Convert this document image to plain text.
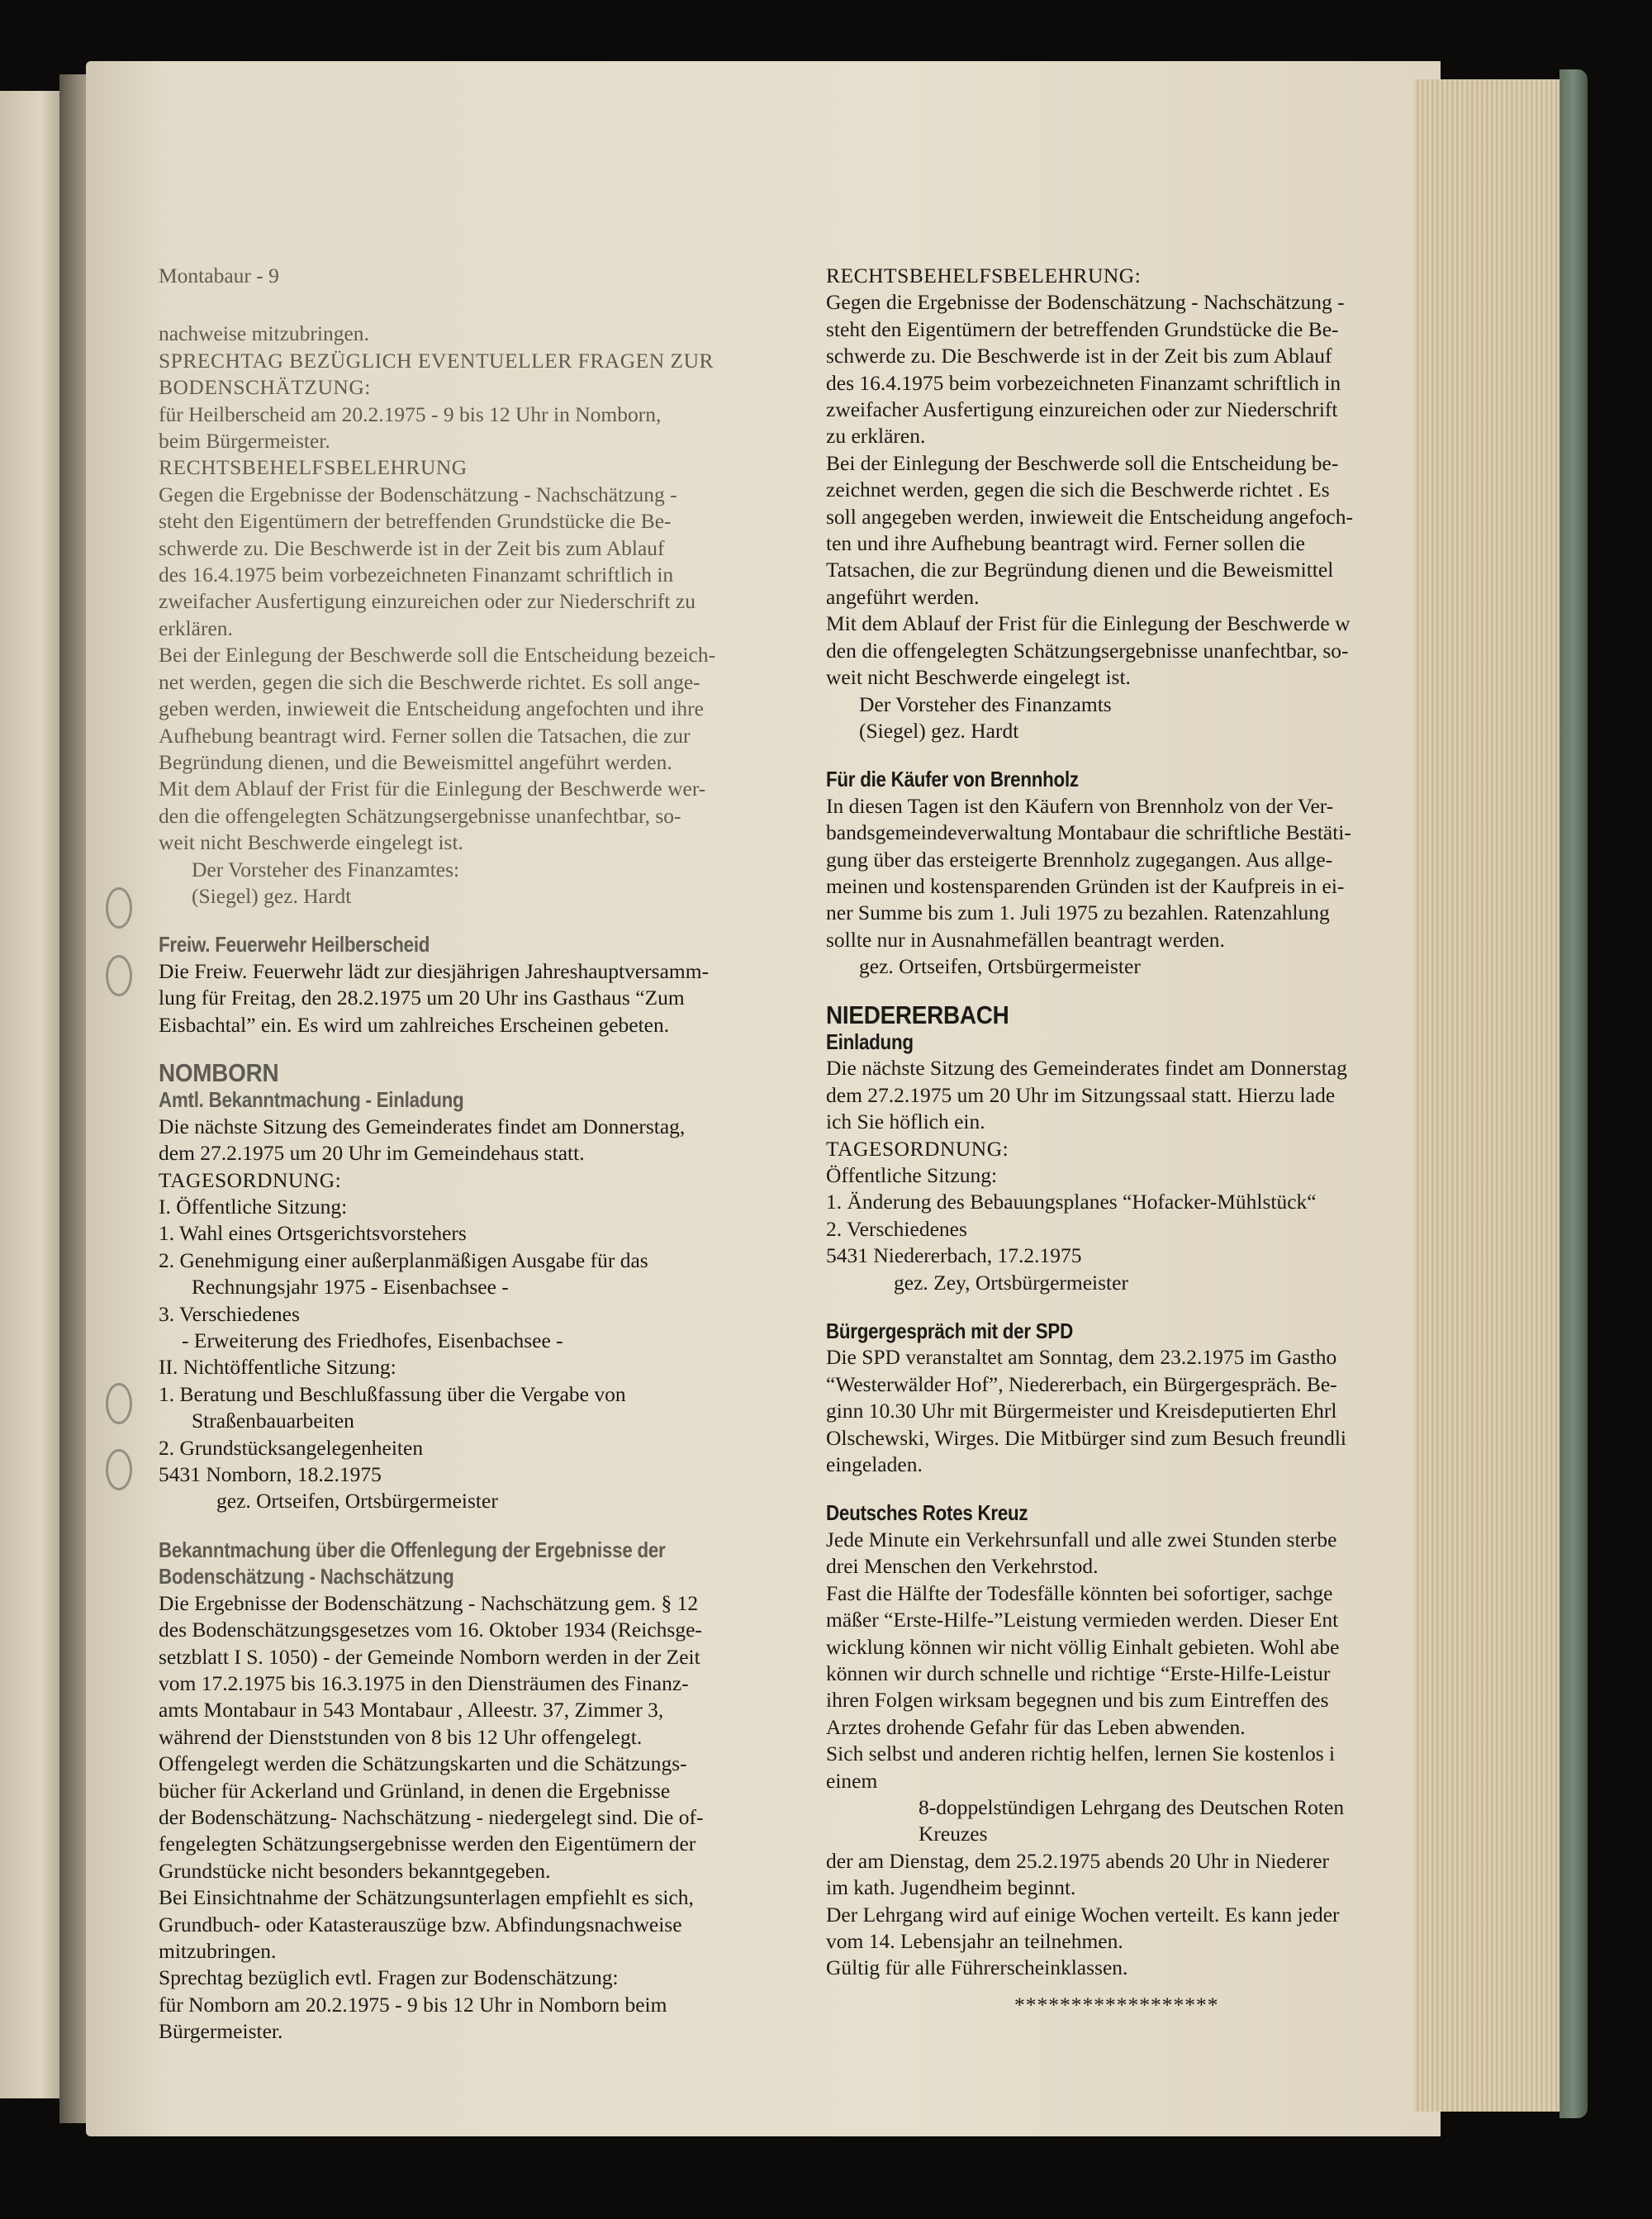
Montabaur - 9
nachweise mitzubringen.
SPRECHTAG BEZÜGLICH EVENTUELLER FRAGEN ZUR
BODENSCHÄTZUNG:
für Heilberscheid am 20.2.1975 - 9 bis 12 Uhr in Nomborn,
beim Bürgermeister.
RECHTSBEHELFSBELEHRUNG
Gegen die Ergebnisse der Bodenschätzung - Nachschätzung -
steht den Eigentümern der betreffenden Grundstücke die Be-
schwerde zu. Die Beschwerde ist in der Zeit bis zum Ablauf
des 16.4.1975 beim vorbezeichneten Finanzamt schriftlich in
zweifacher Ausfertigung einzureichen oder zur Niederschrift zu
erklären.
Bei der Einlegung der Beschwerde soll die Entscheidung bezeich-
net werden, gegen die sich die Beschwerde richtet. Es soll ange-
geben werden, inwieweit die Entscheidung angefochten und ihre
Aufhebung beantragt wird. Ferner sollen die Tatsachen, die zur
Begründung dienen, und die Beweismittel angeführt werden.
Mit dem Ablauf der Frist für die Einlegung der Beschwerde wer-
den die offengelegten Schätzungsergebnisse unanfechtbar, so-
weit nicht Beschwerde eingelegt ist.
Der Vorsteher des Finanzamtes:
(Siegel) gez. Hardt
Freiw. Feuerwehr Heilberscheid
Die Freiw. Feuerwehr lädt zur diesjährigen Jahreshauptversamm-
lung für Freitag, den 28.2.1975 um 20 Uhr ins Gasthaus “Zum
Eisbachtal” ein. Es wird um zahlreiches Erscheinen gebeten.
NOMBORN
Amtl. Bekanntmachung - Einladung
Die nächste Sitzung des Gemeinderates findet am Donnerstag,
dem 27.2.1975 um 20 Uhr im Gemeindehaus statt.
TAGESORDNUNG:
I. Öffentliche Sitzung:
1. Wahl eines Ortsgerichtsvorstehers
2. Genehmigung einer außerplanmäßigen Ausgabe für das
Rechnungsjahr 1975 - Eisenbachsee -
3. Verschiedenes
- Erweiterung des Friedhofes, Eisenbachsee -
II. Nichtöffentliche Sitzung:
1. Beratung und Beschlußfassung über die Vergabe von
Straßenbauarbeiten
2. Grundstücksangelegenheiten
5431 Nomborn, 18.2.1975
gez. Ortseifen, Ortsbürgermeister
Bekanntmachung über die Offenlegung der Ergebnisse der
Bodenschätzung - Nachschätzung
Die Ergebnisse der Bodenschätzung - Nachschätzung gem. § 12
des Bodenschätzungsgesetzes vom 16. Oktober 1934 (Reichsge-
setzblatt I S. 1050) - der Gemeinde Nomborn werden in der Zeit
vom 17.2.1975 bis 16.3.1975 in den Diensträumen des Finanz-
amts Montabaur in 543 Montabaur , Alleestr. 37, Zimmer 3,
während der Dienststunden von 8 bis 12 Uhr offengelegt.
Offengelegt werden die Schätzungskarten und die Schätzungs-
bücher für Ackerland und Grünland, in denen die Ergebnisse
der Bodenschätzung- Nachschätzung - niedergelegt sind. Die of-
fengelegten Schätzungsergebnisse werden den Eigentümern der
Grundstücke nicht besonders bekanntgegeben.
Bei Einsichtnahme der Schätzungsunterlagen empfiehlt es sich,
Grundbuch- oder Katasterauszüge bzw. Abfindungsnachweise
mitzubringen.
Sprechtag bezüglich evtl. Fragen zur Bodenschätzung:
für Nomborn am 20.2.1975 - 9 bis 12 Uhr in Nomborn beim
Bürgermeister.
RECHTSBEHELFSBELEHRUNG:
Gegen die Ergebnisse der Bodenschätzung - Nachschätzung -
steht den Eigentümern der betreffenden Grundstücke die Be-
schwerde zu. Die Beschwerde ist in der Zeit bis zum Ablauf
des 16.4.1975 beim vorbezeichneten Finanzamt schriftlich in
zweifacher Ausfertigung einzureichen oder zur Niederschrift
zu erklären.
Bei der Einlegung der Beschwerde soll die Entscheidung be-
zeichnet werden, gegen die sich die Beschwerde richtet . Es
soll angegeben werden, inwieweit die Entscheidung angefoch-
ten und ihre Aufhebung beantragt wird. Ferner sollen die
Tatsachen, die zur Begründung dienen und die Beweismittel
angeführt werden.
Mit dem Ablauf der Frist für die Einlegung der Beschwerde w
den die offengelegten Schätzungsergebnisse unanfechtbar, so-
weit nicht Beschwerde eingelegt ist.
Der Vorsteher des Finanzamts
(Siegel) gez. Hardt
Für die Käufer von Brennholz
In diesen Tagen ist den Käufern von Brennholz von der Ver-
bandsgemeindeverwaltung Montabaur die schriftliche Bestäti-
gung über das ersteigerte Brennholz zugegangen. Aus allge-
meinen und kostensparenden Gründen ist der Kaufpreis in ei-
ner Summe bis zum 1. Juli 1975 zu bezahlen. Ratenzahlung
sollte nur in Ausnahmefällen beantragt werden.
gez. Ortseifen, Ortsbürgermeister
NIEDERERBACH
Einladung
Die nächste Sitzung des Gemeinderates findet am Donnerstag
dem 27.2.1975 um 20 Uhr im Sitzungssaal statt. Hierzu lade
ich Sie höflich ein.
TAGESORDNUNG:
Öffentliche Sitzung:
1. Änderung des Bebauungsplanes “Hofacker-Mühlstück“
2. Verschiedenes
5431 Niedererbach, 17.2.1975
gez. Zey, Ortsbürgermeister
Bürgergespräch mit der SPD
Die SPD veranstaltet am Sonntag, dem 23.2.1975 im Gastho
“Westerwälder Hof”, Niedererbach, ein Bürgergespräch. Be-
ginn 10.30 Uhr mit Bürgermeister und Kreisdeputierten Ehrl
Olschewski, Wirges. Die Mitbürger sind zum Besuch freundli
eingeladen.
Deutsches Rotes Kreuz
Jede Minute ein Verkehrsunfall und alle zwei Stunden sterbe
drei Menschen den Verkehrstod.
Fast die Hälfte der Todesfälle könnten bei sofortiger, sachge
mäßer “Erste-Hilfe-”Leistung vermieden werden. Dieser Ent
wicklung können wir nicht völlig Einhalt gebieten. Wohl abe
können wir durch schnelle und richtige “Erste-Hilfe-Leistur
ihren Folgen wirksam begegnen und bis zum Eintreffen des
Arztes drohende Gefahr für das Leben abwenden.
Sich selbst und anderen richtig helfen, lernen Sie kostenlos i
einem
8-doppelstündigen Lehrgang des Deutschen Roten
Kreuzes
der am Dienstag, dem 25.2.1975 abends 20 Uhr in Niederer
im kath. Jugendheim beginnt.
Der Lehrgang wird auf einige Wochen verteilt. Es kann jeder
vom 14. Lebensjahr an teilnehmen.
Gültig für alle Führerscheinklassen.
******************
